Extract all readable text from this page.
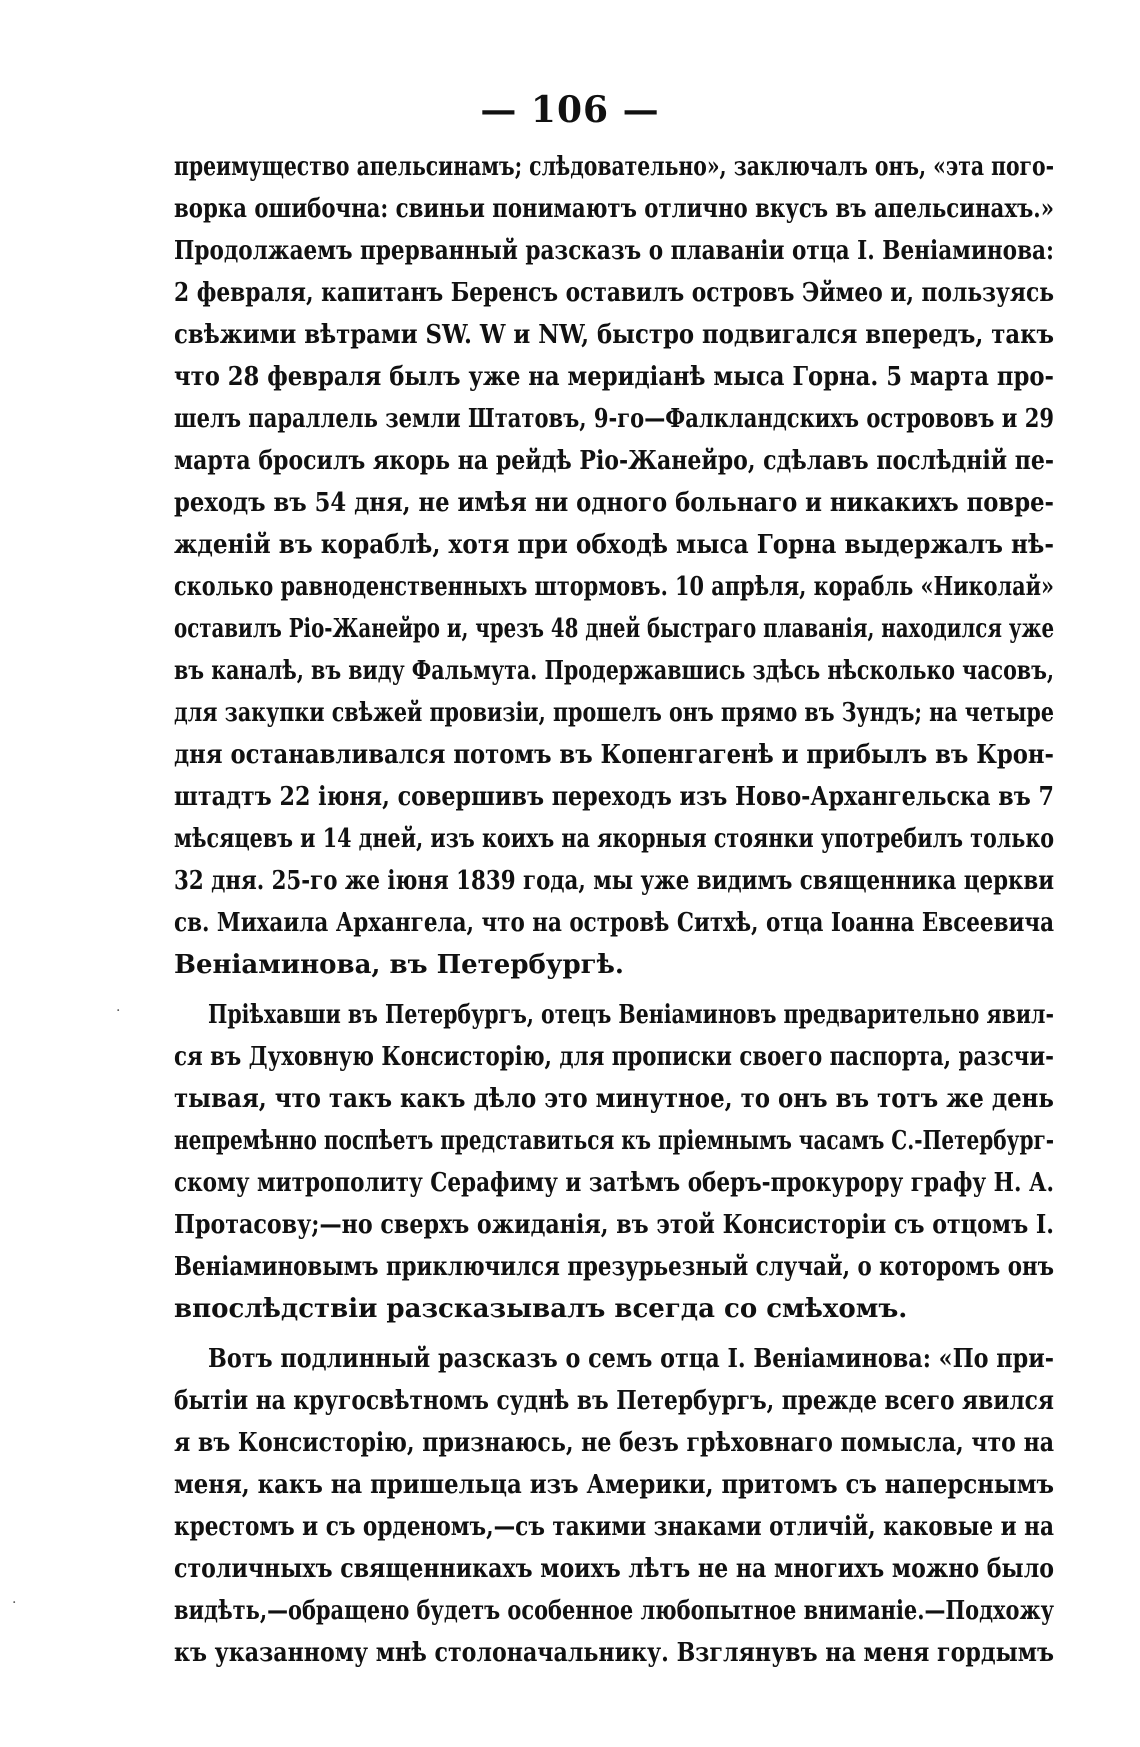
— 106 —
преимущество апельсинамъ; слѣдовательно», заключалъ онъ, «эта пого-
ворка ошибочна: свиньи понимаютъ отлично вкусъ въ апельсинахъ.»
Продолжаемъ прерванный разсказъ о плаваніи отца I. Веніаминова:
2 февраля, капитанъ Беренсъ оставилъ островъ Эймео и, пользуясь
свѣжими вѣтрами SW. W и NW, быстро подвигался впередъ, такъ
что 28 февраля былъ уже на меридіанѣ мыса Горна. 5 марта про-
шелъ параллель земли Штатовъ, 9-го—Фалкландскихъ острововъ и 29
марта бросилъ якорь на рейдѣ Ріо-Жанейро, сдѣлавъ послѣдній пе-
реходъ въ 54 дня, не имѣя ни одного больнаго и никакихъ повре-
жденій въ кораблѣ, хотя при обходѣ мыса Горна выдержалъ нѣ-
сколько равноденственныхъ штормовъ. 10 апрѣля, корабль «Николай»
оставилъ Ріо-Жанейро и, чрезъ 48 дней быстраго плаванія, находился уже
въ каналѣ, въ виду Фальмута. Продержавшись здѣсь нѣсколько часовъ,
для закупки свѣжей провизіи, прошелъ онъ прямо въ Зундъ; на четыре
дня останавливался потомъ въ Копенгагенѣ и прибылъ въ Крон-
штадтъ 22 іюня, совершивъ переходъ изъ Ново-Архангельска въ 7
мѣсяцевъ и 14 дней, изъ коихъ на якорныя стоянки употребилъ только
32 дня. 25-го же іюня 1839 года, мы уже видимъ священника церкви
св. Михаила Архангела, что на островѣ Ситхѣ, отца Іоанна Евсеевича
Веніаминова, въ Петербургѣ.
Пріѣхавши въ Петербургъ, отецъ Веніаминовъ предварительно явил-
ся въ Духовную Консисторію, для прописки своего паспорта, разсчи-
тывая, что такъ какъ дѣло это минутное, то онъ въ тотъ же день
непремѣнно поспѣетъ представиться къ пріемнымъ часамъ С.-Петербург-
скому митрополиту Серафиму и затѣмъ оберъ-прокурору графу Н. А.
Протасову;—но сверхъ ожиданія, въ этой Консисторіи съ отцомъ I.
Веніаминовымъ приключился презурьезный случай, о которомъ онъ
впослѣдствіи разсказывалъ всегда со смѣхомъ.
Вотъ подлинный разсказъ о семъ отца I. Веніаминова: «По при-
бытіи на кругосвѣтномъ суднѣ въ Петербургъ, прежде всего явился
я въ Консисторію, признаюсь, не безъ грѣховнаго помысла, что на
меня, какъ на пришельца изъ Америки, притомъ съ наперснымъ
крестомъ и съ орденомъ,—съ такими знаками отличій, каковые и на
столичныхъ священникахъ моихъ лѣтъ не на многихъ можно было
видѣть,—обращено будетъ особенное любопытное вниманіе.—Подхожу
къ указанному мнѣ столоначальнику. Взглянувъ на меня гордымъ
·
·
